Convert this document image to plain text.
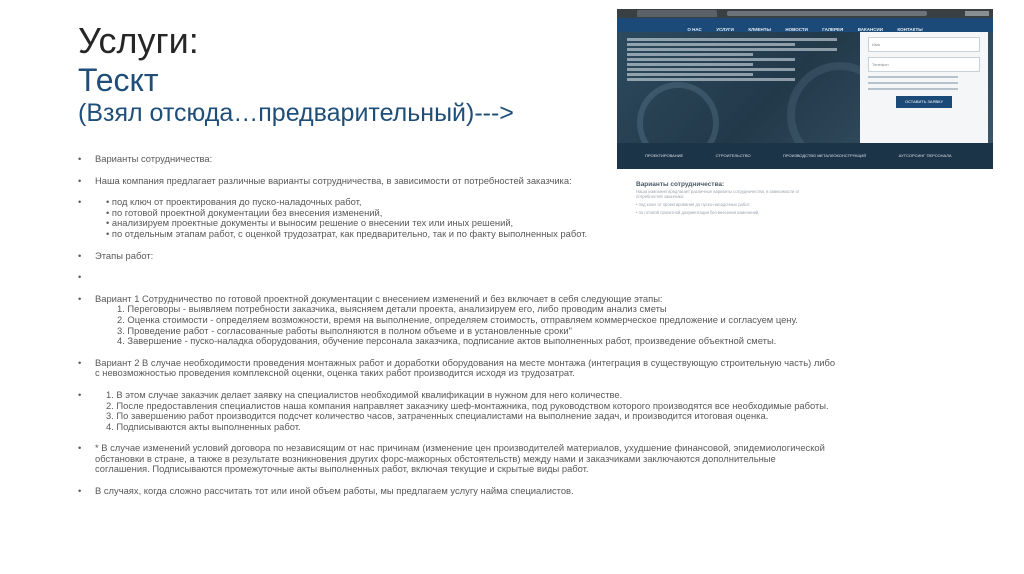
Услуги:
Тескт
(Взял отсюда…предварительный)--->
О НАС	УСЛУГИ	КЛИЕНТЫ	НОВОСТИ	ГАЛЕРЕЯ	ВАКАНСИИ	КОНТАКТЫ
Имя
Телефон
ОСТАВИТЬ ЗАЯВКУ
ПРОЕКТИРОВАНИЕ	СТРОИТЕЛЬСТВО	ПРОИЗВОДСТВО МЕТАЛЛОКОНСТРУКЦИЙ	АУТСОРСИНГ ПЕРСОНАЛА
Варианты сотрудничества:
Наша компания предлагает различные варианты сотрудничества, в зависимости от потребностей заказчика:
• под ключ от проектирования до пуско-наладочных работ,
• по готовой проектной документации без внесения изменений,
• Варианты сотрудничества:
• Наша компания предлагает различные варианты сотрудничества, в зависимости от потребностей заказчика:
•	• под ключ от проектирования до пуско-наладочных работ,
• по готовой проектной документации без внесения изменений,
• анализируем проектные документы и выносим решение о внесении тех или иных решений,
• по отдельным этапам работ, с оценкой трудозатрат, как предварительно, так и по факту выполненных работ.
• Этапы работ:
•

• Вариант 1 Сотрудничество по готовой проектной документации с внесением изменений и без включает в себя следующие этапы:
1. Переговоры - выявляем потребности заказчика, выясняем детали проекта, анализируем его, либо проводим анализ сметы
2. Оценка стоимости - определяем возможности, время на выполнение, определяем стоимость, отправляем коммерческое предложение и согласуем цену.
3. Проведение работ - согласованные работы выполняются в полном объеме и в установленные сроки"
4. Завершение - пуско-наладка оборудования, обучение персонала заказчика, подписание актов выполненных работ, произведение объектной сметы.
• Вариант 2 В случае необходимости проведения монтажных работ и доработки оборудования на месте монтажа (интеграция в существующую строительную часть) либо
с невозможностью проведения комплексной оценки, оценка таких работ производится исходя из трудозатрат.
•	1. В этом случае заказчик делает заявку на специалистов необходимой квалификации в нужном для него количестве.
2. После предоставления специалистов наша компания направляет заказчику шеф-монтажника, под руководством которого производятся все необходимые работы.
3. По завершению работ производится подсчет количество часов, затраченных специалистами на выполнение задач, и производится итоговая оценка.
4. Подписываются акты выполненных работ.
• * В случае изменений условий договора по независящим от нас причинам (изменение цен производителей материалов, ухудшение финансовой, эпидемиологической
обстановки в стране, а также в результате возникновения других форс-мажорных обстоятельств) между нами и заказчиками заключаются дополнительные
соглашения. Подписываются промежуточные акты выполненных работ, включая текущие и скрытые виды работ.
• В случаях, когда сложно рассчитать тот или иной объем работы, мы предлагаем услугу найма специалистов.
